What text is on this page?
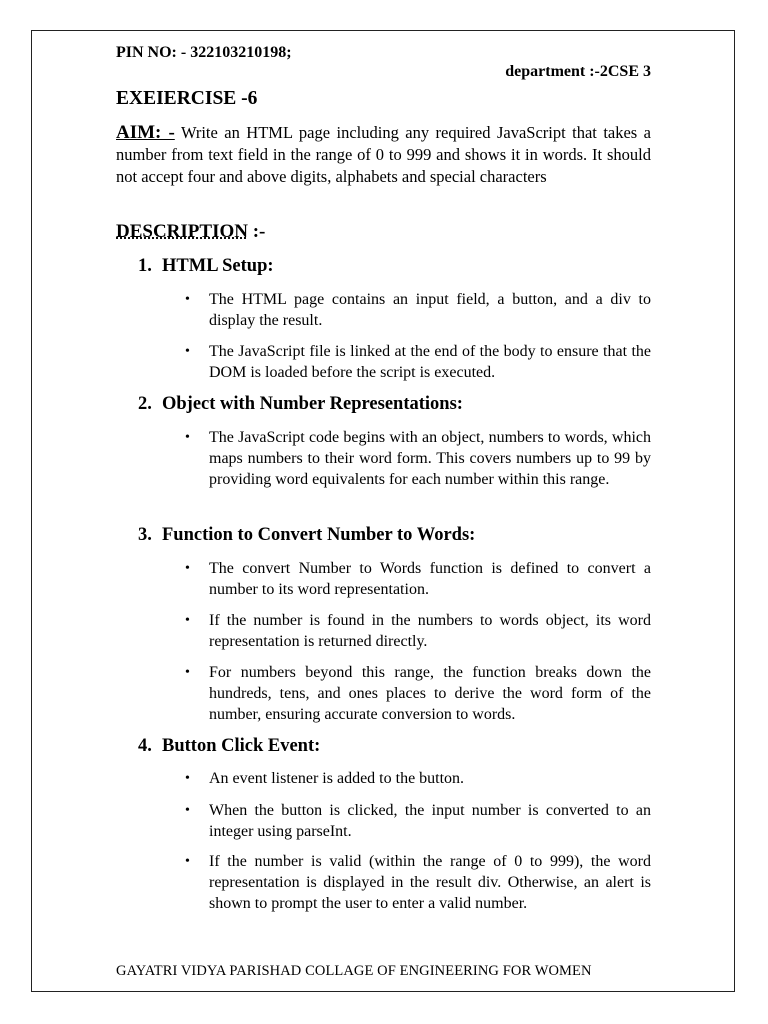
PIN NO: - 322103210198;
department :-2CSE 3
EXEIERCISE -6
AIM: - Write an HTML page including any required JavaScript that takes a number from text field in the range of 0 to 999 and shows it in words. It should not accept four and above digits, alphabets and special characters
DESCRIPTION :-
1. HTML Setup:
• The HTML page contains an input field, a button, and a div to display the result.
• The JavaScript file is linked at the end of the body to ensure that the DOM is loaded before the script is executed.
2. Object with Number Representations:
• The JavaScript code begins with an object, numbers to words, which maps numbers to their word form. This covers numbers up to 99 by providing word equivalents for each number within this range.
3. Function to Convert Number to Words:
• The convert Number to Words function is defined to convert a number to its word representation.
• If the number is found in the numbers to words object, its word representation is returned directly.
• For numbers beyond this range, the function breaks down the hundreds, tens, and ones places to derive the word form of the number, ensuring accurate conversion to words.
4. Button Click Event:
• An event listener is added to the button.
• When the button is clicked, the input number is converted to an integer using parseInt.
• If the number is valid (within the range of 0 to 999), the word representation is displayed in the result div. Otherwise, an alert is shown to prompt the user to enter a valid number.
GAYATRI VIDYA PARISHAD COLLAGE OF ENGINEERING FOR WOMEN
